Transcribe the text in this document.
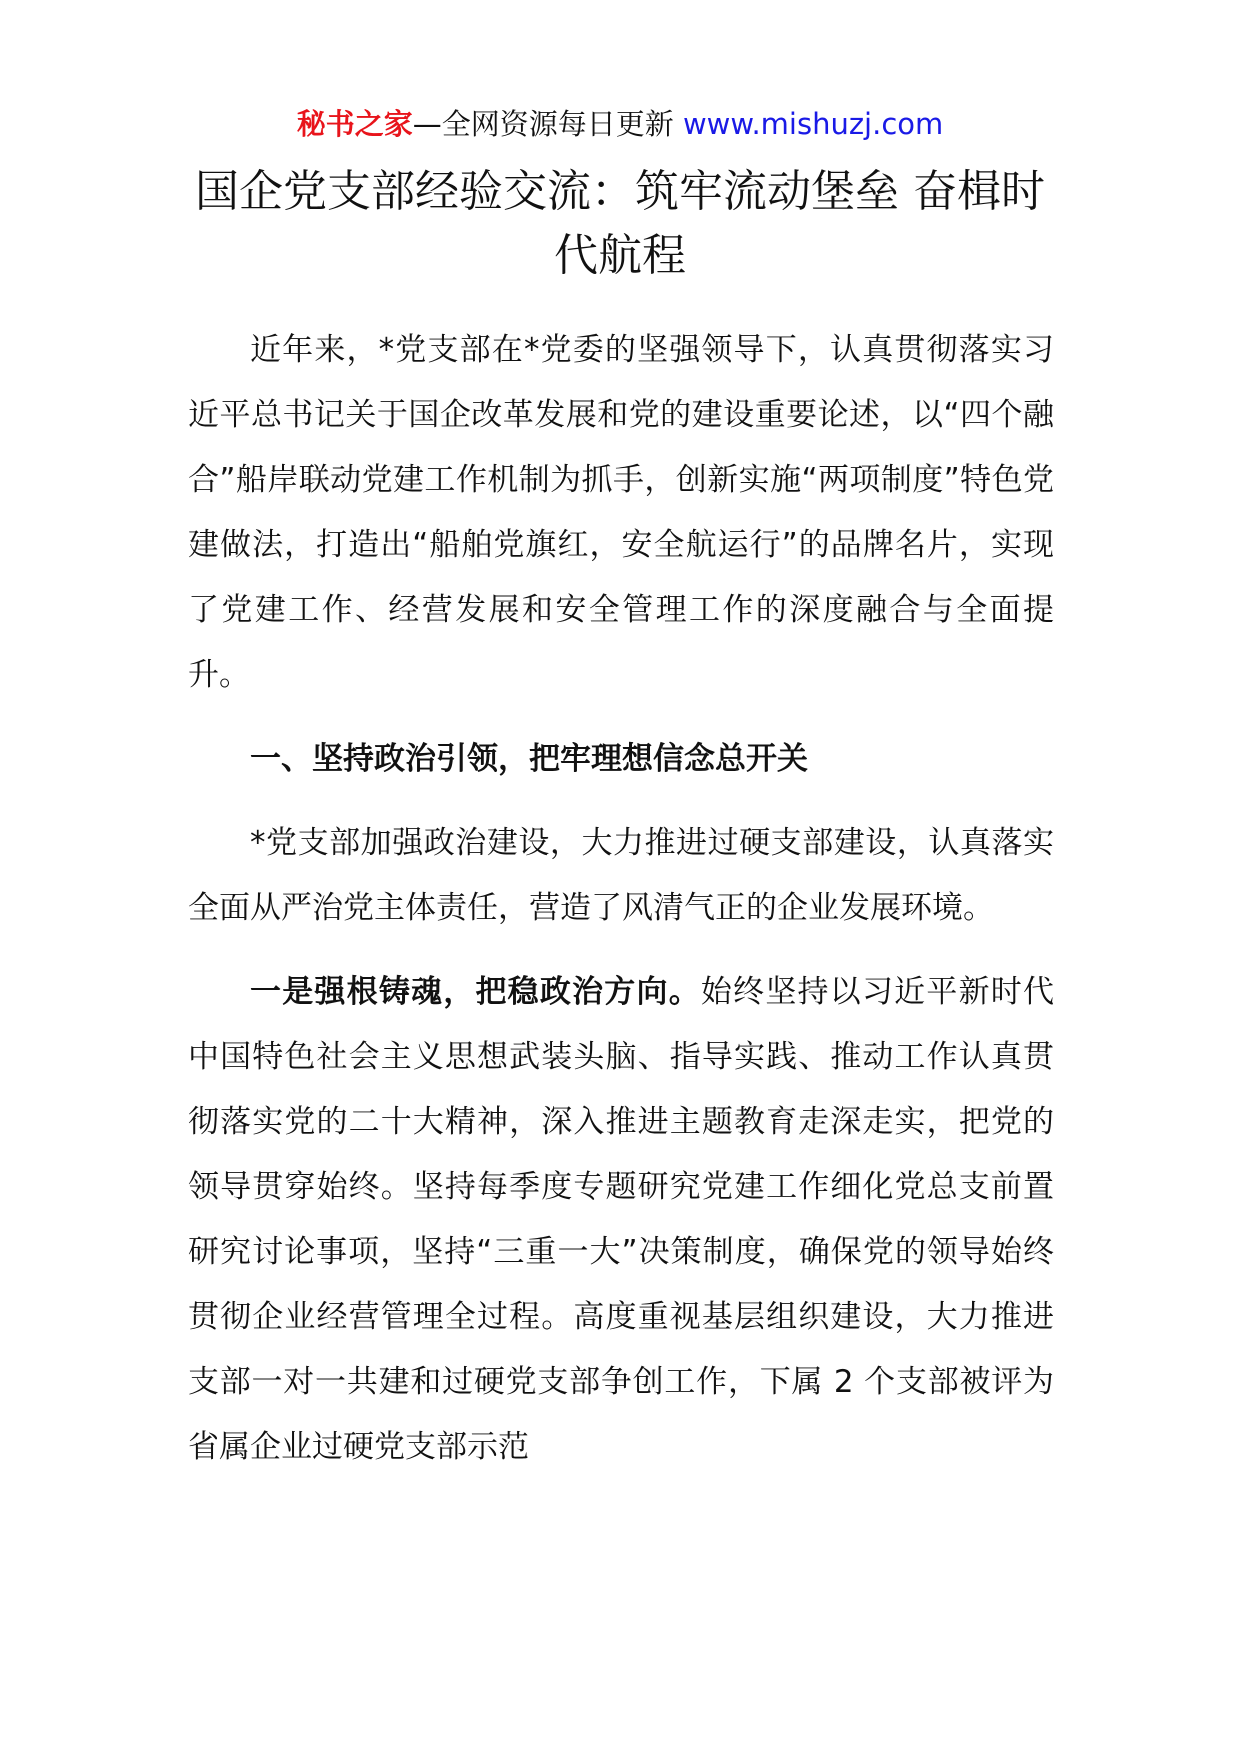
秘书之家—全网资源每日更新 www.mishuzj.com
国企党支部经验交流：筑牢流动堡垒 奋楫时代航程

近年来，*党支部在*党委的坚强领导下，认真贯彻落实习近平总书记关于国企改革发展和党的建设重要论述，以“四个融合”船岸联动党建工作机制为抓手，创新实施“两项制度”特色党建做法，打造出“船舶党旗红，安全航运行”的品牌名片，实现了党建工作、经营发展和安全管理工作的深度融合与全面提升。

一、坚持政治引领，把牢理想信念总开关

*党支部加强政治建设，大力推进过硬支部建设，认真落实全面从严治党主体责任，营造了风清气正的企业发展环境。

一是强根铸魂，把稳政治方向。始终坚持以习近平新时代中国特色社会主义思想武装头脑、指导实践、推动工作认真贯彻落实党的二十大精神，深入推进主题教育走深走实，把党的领导贯穿始终。坚持每季度专题研究党建工作细化党总支前置研究讨论事项，坚持“三重一大”决策制度，确保党的领导始终贯彻企业经营管理全过程。高度重视基层组织建设，大力推进支部一对一共建和过硬党支部争创工作，下属 2 个支部被评为省属企业过硬党支部示范
